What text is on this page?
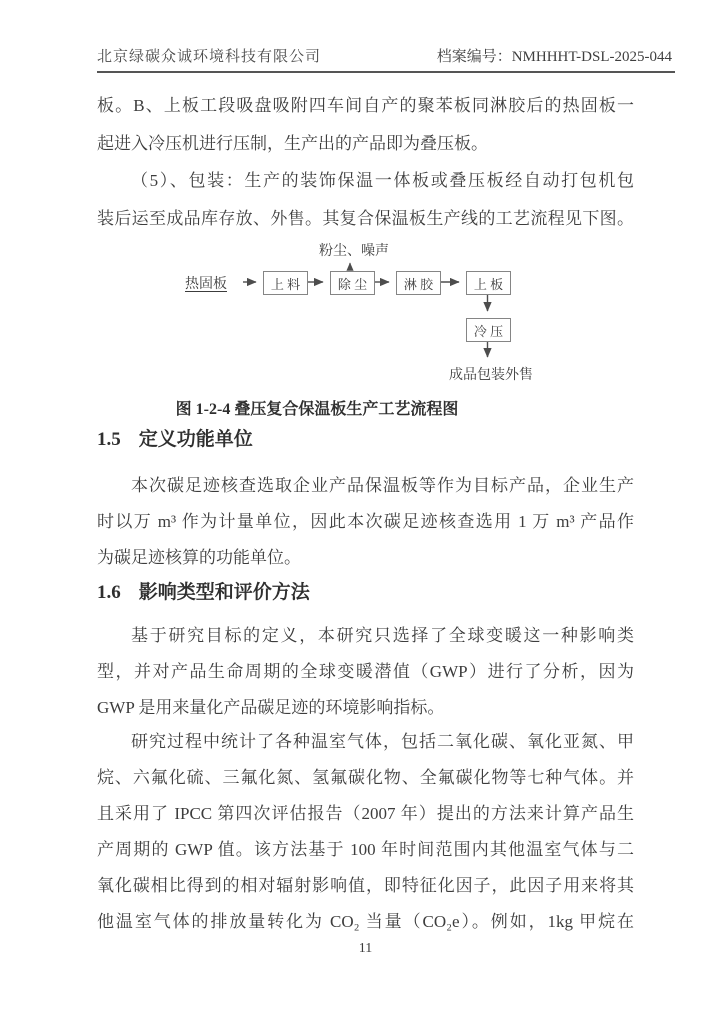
北京绿碳众诚环境科技有限公司	档案编号：NMHHHT-DSL-2025-044
板。B、上板工段吸盘吸附四车间自产的聚苯板同淋胶后的热固板一
起进入冷压机进行压制，生产出的产品即为叠压板。
（5）、包装：生产的装饰保温一体板或叠压板经自动打包机包
装后运至成品库存放、外售。其复合保温板生产线的工艺流程见下图。
粉尘、噪声
热固板	上 料	除 尘	淋 胶	上 板
冷 压
成品包装外售
图 1-2-4 叠压复合保温板生产工艺流程图
1.5 定义功能单位
本次碳足迹核查选取企业产品保温板等作为目标产品，企业生产
时以万 m³ 作为计量单位，因此本次碳足迹核查选用 1 万 m³ 产品作
为碳足迹核算的功能单位。
1.6 影响类型和评价方法
基于研究目标的定义，本研究只选择了全球变暖这一种影响类
型，并对产品生命周期的全球变暖潜值（GWP）进行了分析，因为
GWP 是用来量化产品碳足迹的环境影响指标。
研究过程中统计了各种温室气体，包括二氧化碳、氧化亚氮、甲
烷、六氟化硫、三氟化氮、氢氟碳化物、全氟碳化物等七种气体。并
且采用了 IPCC 第四次评估报告（2007 年）提出的方法来计算产品生
产周期的 GWP 值。该方法基于 100 年时间范围内其他温室气体与二
氧化碳相比得到的相对辐射影响值，即特征化因子，此因子用来将其
他温室气体的排放量转化为 CO₂ 当量（CO₂e）。例如，1kg 甲烷在
11
